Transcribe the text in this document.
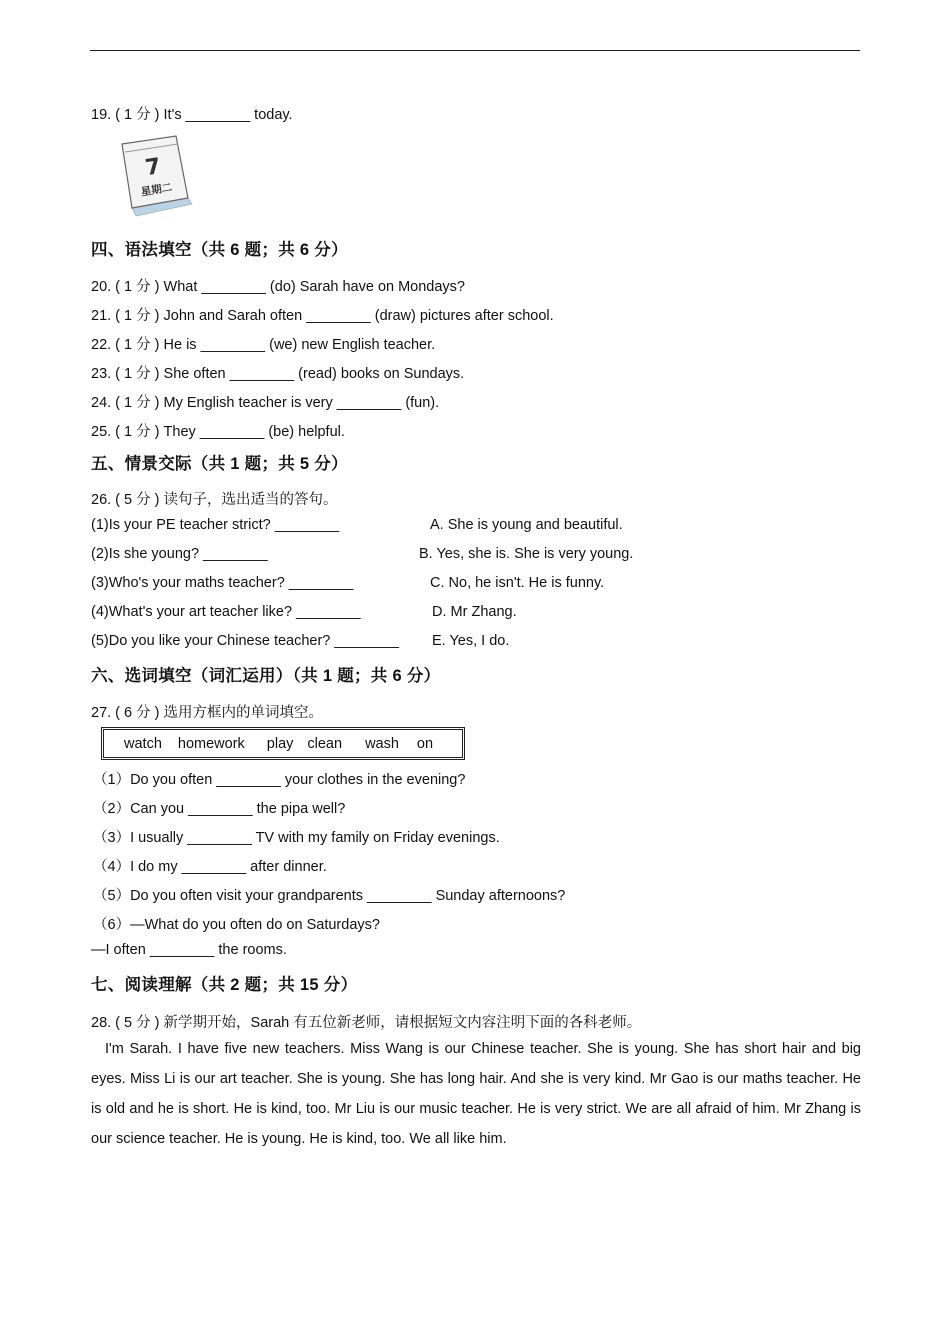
19. ( 1 分 ) It's ________ today.
7
星期二
四、语法填空（共 6 题；共 6 分）
20. ( 1 分 ) What ________ (do) Sarah have on Mondays?
21. ( 1 分 ) John and Sarah often ________ (draw) pictures after school.
22. ( 1 分 ) He is ________ (we) new English teacher.
23. ( 1 分 ) She often ________ (read) books on Sundays.
24. ( 1 分 ) My English teacher is very ________ (fun).
25. ( 1 分 ) They ________ (be) helpful.
五、情景交际（共 1 题；共 5 分）
26. ( 5 分 ) 读句子，选出适当的答句。
(1)Is your PE teacher strict? ________	A. She is young and beautiful.
(2)Is she young? ________	B. Yes, she is. She is very young.
(3)Who's your maths teacher? ________	C. No, he isn't. He is funny.
(4)What's your art teacher like? ________	D. Mr Zhang.
(5)Do you like your Chinese teacher? ________ E. Yes, I do.
六、选词填空（词汇运用）（共 1 题；共 6 分）
27. ( 6 分 ) 选用方框内的单词填空。
watch homework play clean wash on
（1）Do you often ________ your clothes in the evening?
（2）Can you ________ the pipa well?
（3）I usually ________ TV with my family on Friday evenings.
（4）I do my ________ after dinner.
（5）Do you often visit your grandparents ________ Sunday afternoons?
（6）—What do you often do on Saturdays?
—I often ________ the rooms.
七、阅读理解（共 2 题；共 15 分）
28. ( 5 分 ) 新学期开始，Sarah 有五位新老师，请根据短文内容注明下面的各科老师。
I'm Sarah. I have five new teachers. Miss Wang is our Chinese teacher. She is young. She has short hair and big eyes. Miss Li is our art teacher. She is young. She has long hair. And she is very kind. Mr Gao is our maths teacher. He is old and he is short. He is kind, too. Mr Liu is our music teacher. He is very strict. We are all afraid of him. Mr Zhang is our science teacher. He is young. He is kind, too. We all like him.
